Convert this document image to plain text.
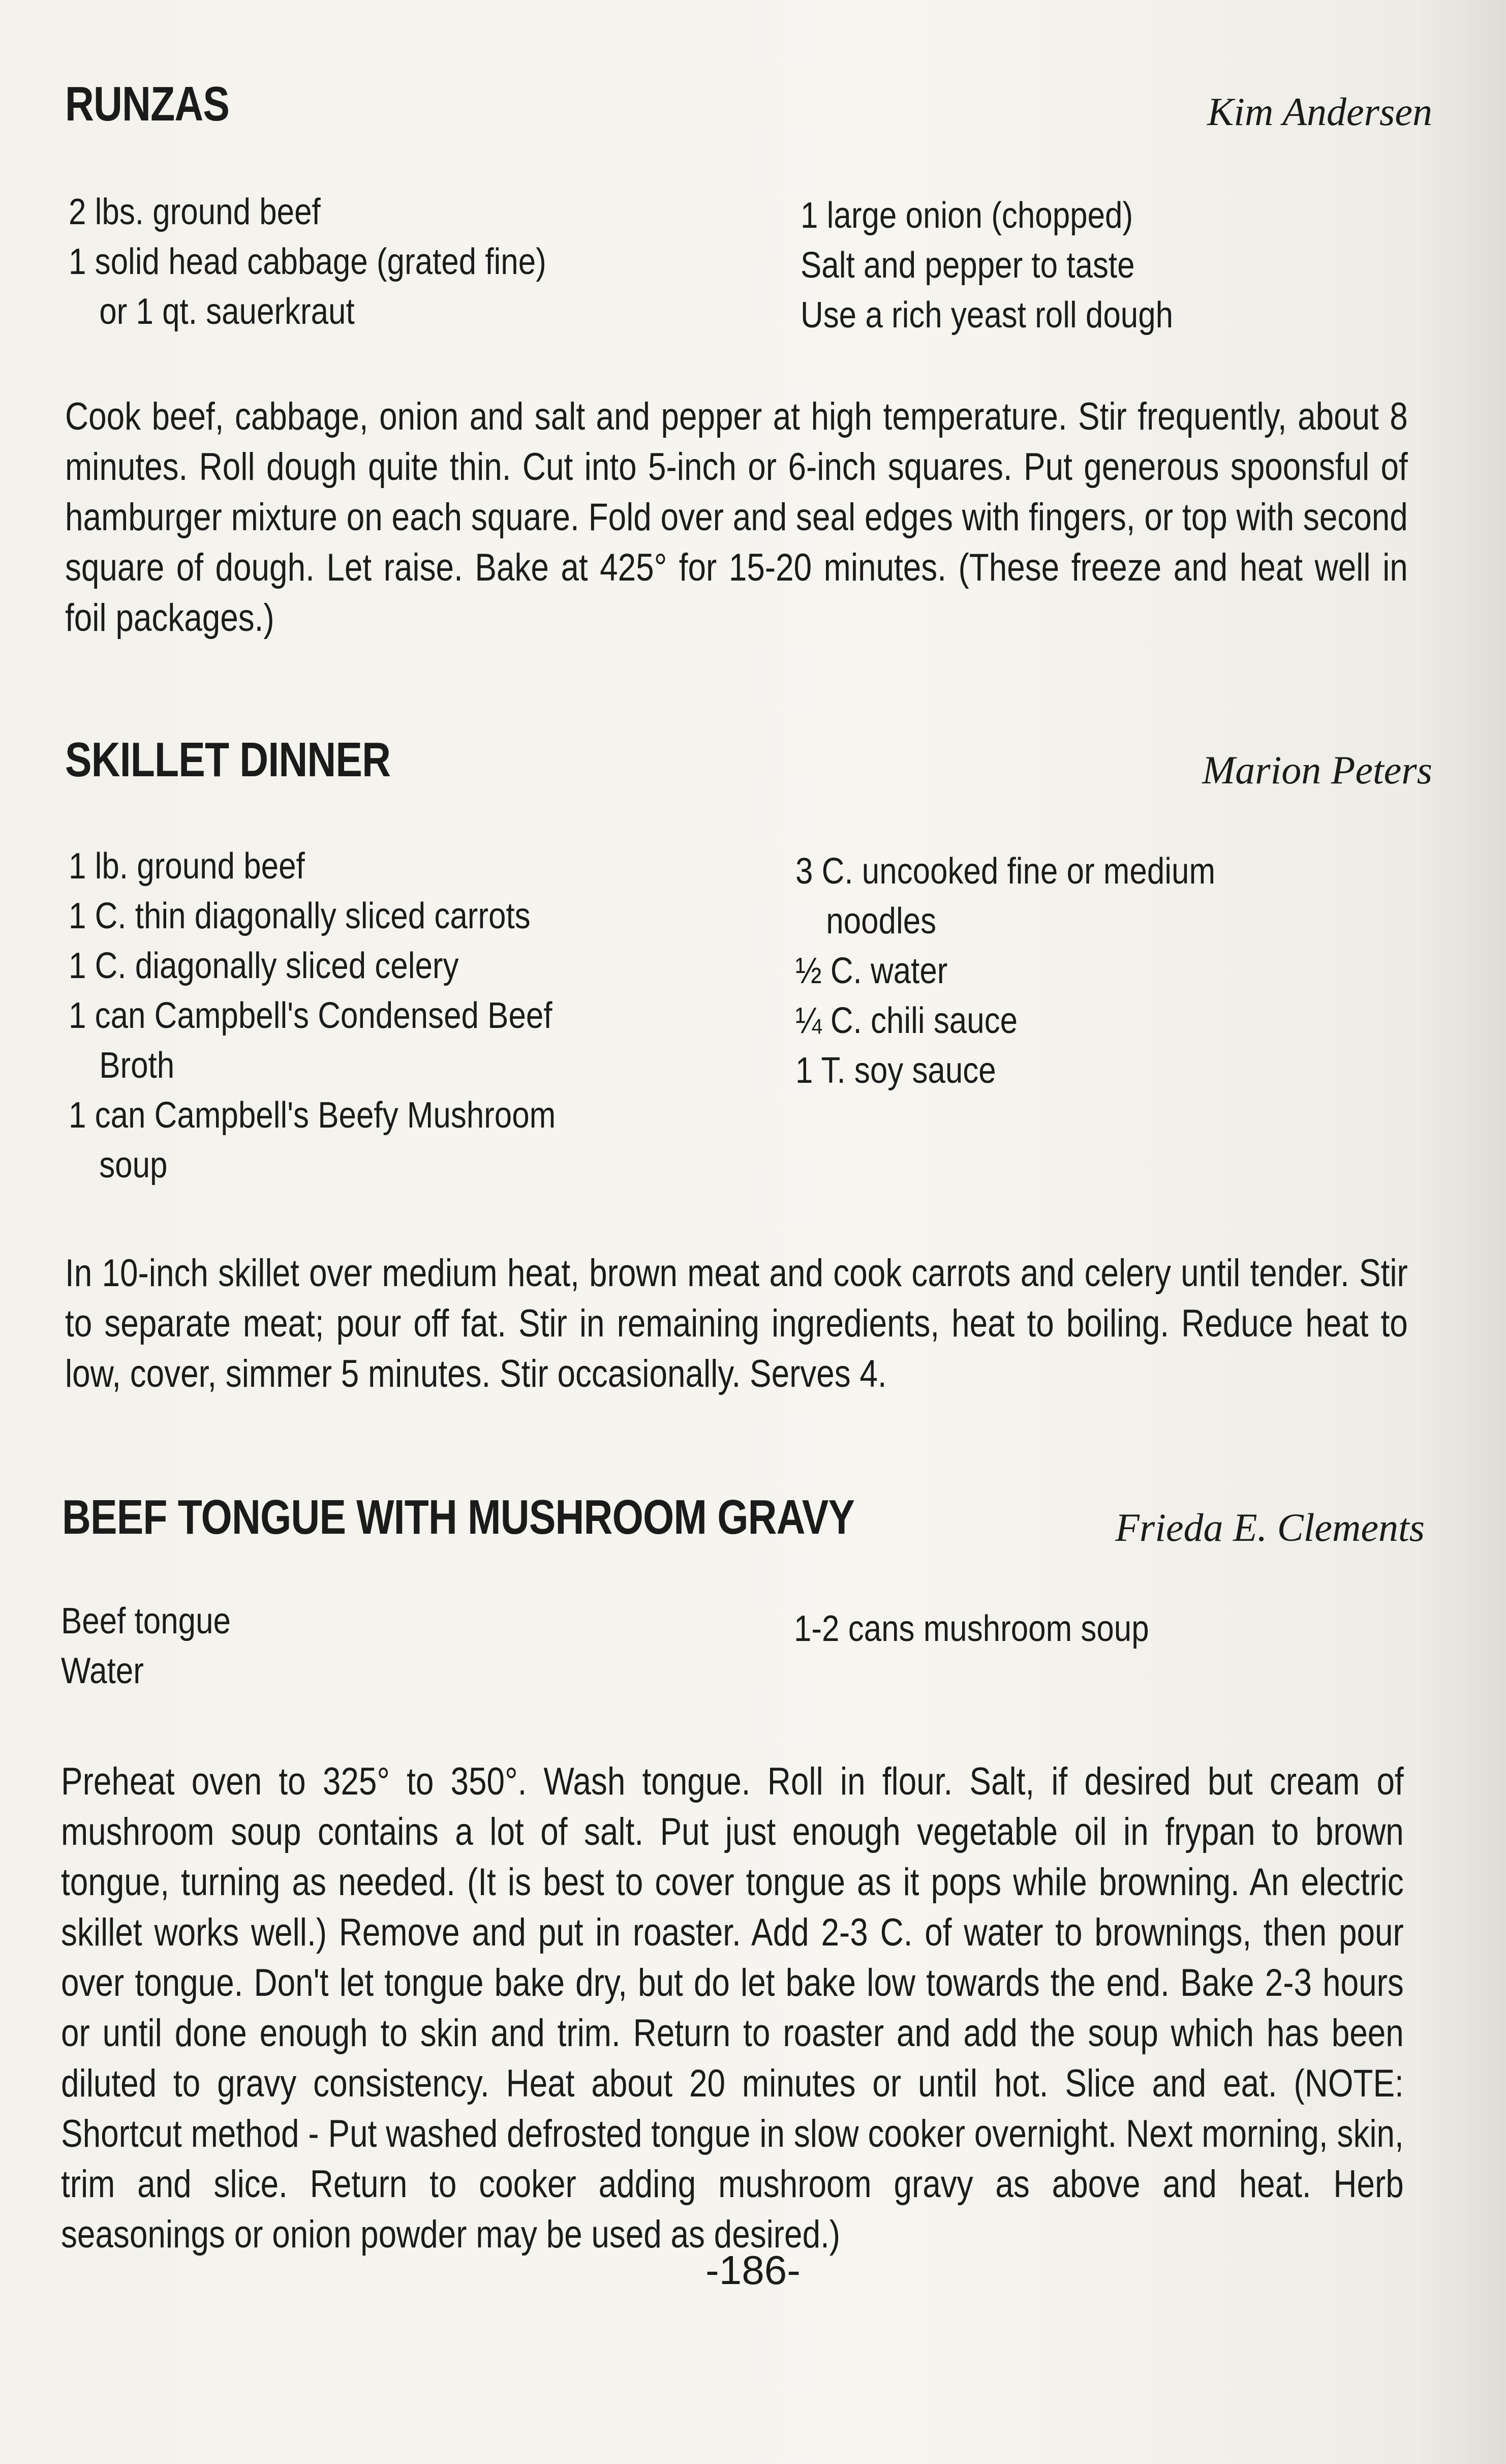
RUNZAS	Kim Andersen
2 lbs. ground beef
1 solid head cabbage (grated fine)
or 1 qt. sauerkraut
1 large onion (chopped)
Salt and pepper to taste
Use a rich yeast roll dough
Cook beef, cabbage, onion and salt and pepper at high temperature. Stir frequently, about 8 minutes. Roll dough quite thin. Cut into 5-inch or 6-inch squares. Put generous spoonsful of hamburger mixture on each square. Fold over and seal edges with fingers, or top with second square of dough. Let raise. Bake at 425° for 15-20 minutes. (These freeze and heat well in foil packages.)
SKILLET DINNER	Marion Peters
1 lb. ground beef
1 C. thin diagonally sliced carrots
1 C. diagonally sliced celery
1 can Campbell's Condensed Beef
Broth
1 can Campbell's Beefy Mushroom
soup
3 C. uncooked fine or medium
noodles
½ C. water
¼ C. chili sauce
1 T. soy sauce
In 10-inch skillet over medium heat, brown meat and cook carrots and celery until tender. Stir to separate meat; pour off fat. Stir in remaining ingredients, heat to boiling. Reduce heat to low, cover, simmer 5 minutes. Stir occasionally. Serves 4.
BEEF TONGUE WITH MUSHROOM GRAVY	Frieda E. Clements
Beef tongue
Water
1-2 cans mushroom soup
Preheat oven to 325° to 350°. Wash tongue. Roll in flour. Salt, if desired but cream of mushroom soup contains a lot of salt. Put just enough vegetable oil in frypan to brown tongue, turning as needed. (It is best to cover tongue as it pops while browning. An electric skillet works well.) Remove and put in roaster. Add 2-3 C. of water to brownings, then pour over tongue. Don't let tongue bake dry, but do let bake low towards the end. Bake 2-3 hours or until done enough to skin and trim. Return to roaster and add the soup which has been diluted to gravy consistency. Heat about 20 minutes or until hot. Slice and eat. (NOTE: Shortcut method - Put washed defrosted tongue in slow cooker overnight. Next morning, skin, trim and slice. Return to cooker adding mushroom gravy as above and heat. Herb seasonings or onion powder may be used as desired.)
-186-
